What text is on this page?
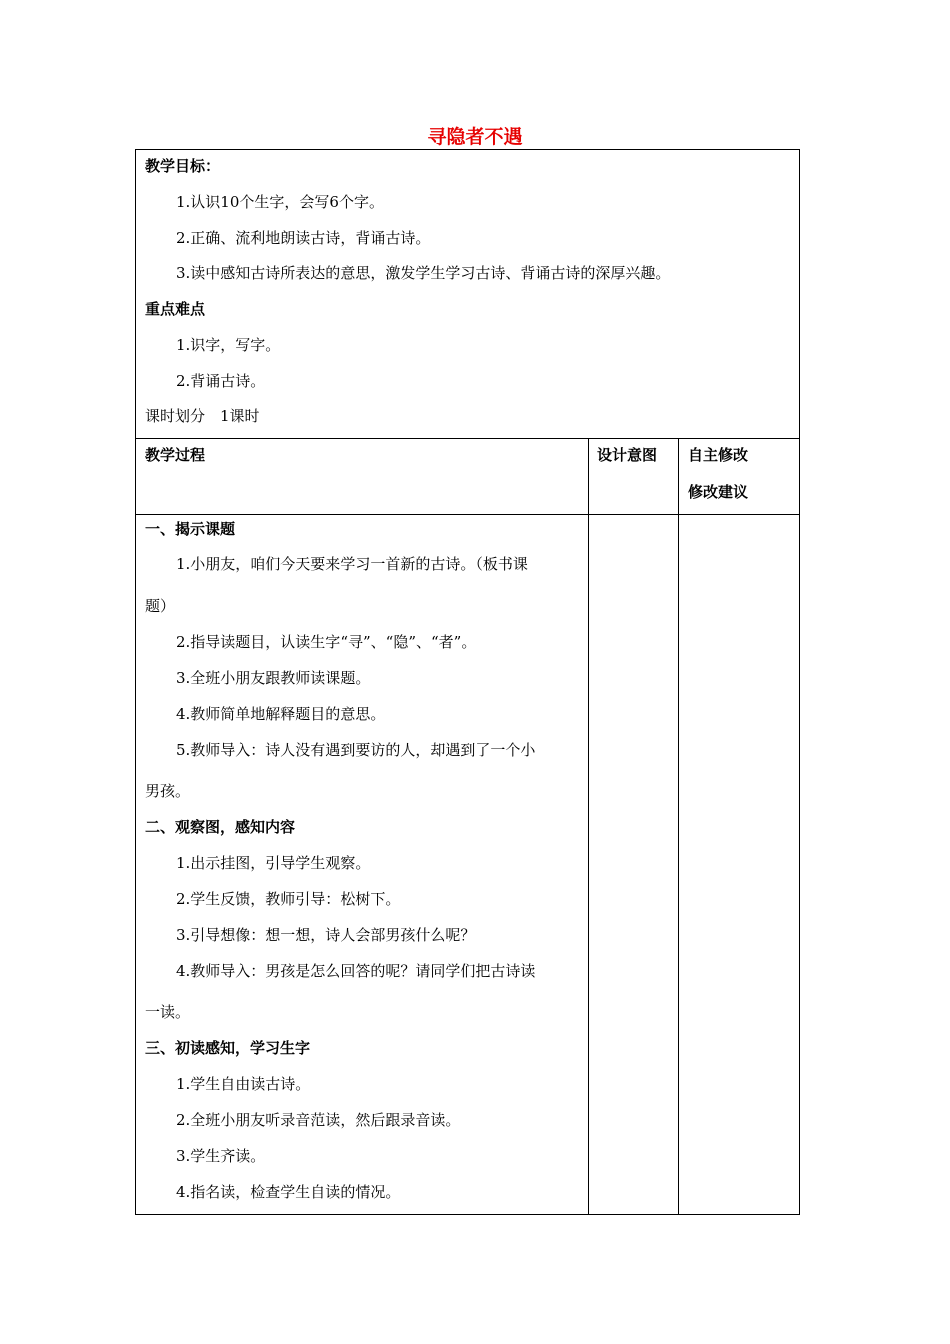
寻隐者不遇
教学目标：
1.认识10个生字，会写6个字。
2.正确、流利地朗读古诗，背诵古诗。
3.读中感知古诗所表达的意思，激发学生学习古诗、背诵古诗的深厚兴趣。
重点难点
1.识字，写字。
2.背诵古诗。
课时划分　1课时
教学过程	设计意图 自主修改
修改建议
一、揭示课题
1.小朋友，咱们今天要来学习一首新的古诗。（板书课
题）
2.指导读题目，认读生字“寻”、“隐”、“者”。
3.全班小朋友跟教师读课题。
4.教师简单地解释题目的意思。
5.教师导入：诗人没有遇到要访的人，却遇到了一个小
男孩。
二、观察图，感知内容
1.出示挂图，引导学生观察。
2.学生反馈，教师引导：松树下。
3.引导想像：想一想，诗人会部男孩什么呢？
4.教师导入：男孩是怎么回答的呢？请同学们把古诗读
一读。
三、初读感知，学习生字
1.学生自由读古诗。
2.全班小朋友听录音范读，然后跟录音读。
3.学生齐读。
4.指名读，检查学生自读的情况。
